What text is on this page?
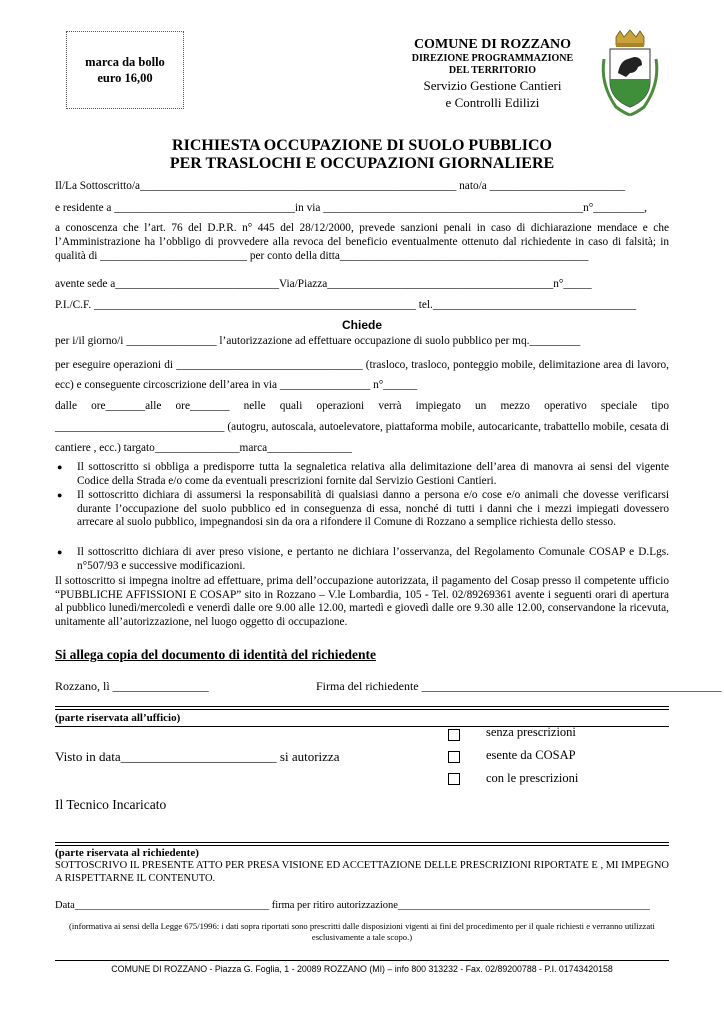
marca da bollo
euro 16,00
COMUNE DI ROZZANO
DIREZIONE PROGRAMMAZIONE
DEL TERRITORIO
Servizio Gestione Cantieri
e Controlli Edilizi
RICHIESTA OCCUPAZIONE DI SUOLO PUBBLICO
PER TRASLOCHI E OCCUPAZIONI GIORNALIERE
Il/La Sottoscritto/a________________________________________________________ nato/a ________________________
e residente a ________________________________in via ______________________________________________n°_________,
a conoscenza che l’art. 76 del D.P.R. n° 445 del 28/12/2000, prevede sanzioni penali in caso di dichiarazione mendace e che l’Amministrazione ha l’obbligo di provvedere alla revoca del beneficio eventualmente ottenuto dal richiedente in caso di falsità; in qualità di __________________________ per conto della ditta____________________________________________
avente sede a_____________________________Via/Piazza________________________________________n°_____
P.I./C.F. _________________________________________________________ tel.____________________________________
Chiede
per i/il giorno/i ________________ l’autorizzazione ad effettuare occupazione di suolo pubblico per mq._________
per eseguire operazioni di _________________________________ (trasloco, trasloco, ponteggio mobile, delimitazione area di lavoro, ecc) e conseguente circoscrizione dell’area in via ________________ n°______
dalle ore_______alle ore_______ nelle quali operazioni verrà impiegato un mezzo operativo speciale tipo ______________________________ (autogru, autoscala, autoelevatore, piattaforma mobile, autocaricante, trabattello mobile, cesata di cantiere , ecc.) targato_______________marca_______________
● Il sottoscritto si obbliga a predisporre tutta la segnaletica relativa alla delimitazione dell’area di manovra ai sensi del vigente Codice della Strada e/o come da eventuali prescrizioni fornite dal Servizio Gestioni Cantieri.
● Il sottoscritto dichiara di assumersi la responsabilità di qualsiasi danno a persona e/o cose e/o animali che dovesse verificarsi durante l’occupazione del suolo pubblico ed in conseguenza di essa, nonché di tutti i danni che i mezzi impiegati dovessero arrecare al suolo pubblico, impegnandosi sin da ora a rifondere il Comune di Rozzano a semplice richiesta dello stesso.
● Il sottoscritto dichiara di aver preso visione, e pertanto ne dichiara l’osservanza, del Regolamento Comunale COSAP e D.Lgs. n°507/93 e successive modificazioni.
Il sottoscritto si impegna inoltre ad effettuare, prima dell’occupazione autorizzata, il pagamento del Cosap presso il competente ufficio “PUBBLICHE AFFISSIONI E COSAP” sito in Rozzano – V.le Lombardia, 105 - Tel. 02/89269361 avente i seguenti orari di apertura al pubblico lunedì/mercoledì e venerdì dalle ore 9.00 alle 12.00, martedì e giovedì dalle ore 9.30 alle 12.00, conservandone la ricevuta, unitamente all’autorizzazione, nel luogo oggetto di occupazione.
Si allega copia del documento di identità del richiedente
Rozzano, lì ________________	Firma del richiedente __________________________________________________
(parte riservata all’ufficio)
Visto in data________________________ si autorizza
Il Tecnico Incaricato
senza prescrizioni
esente da COSAP
con le prescrizioni
(parte riservata al richiedente)
SOTTOSCRIVO IL PRESENTE ATTO PER PRESA VISIONE ED ACCETTAZIONE DELLE PRESCRIZIONI RIPORTATE E , MI IMPEGNO A RISPETTARNE IL CONTENUTO.
Data_____________________________________ firma per ritiro autorizzazione________________________________________________
(informativa ai sensi della Legge 675/1996: i dati sopra riportati sono prescritti dalle disposizioni vigenti ai fini del procedimento per il quale richiesti e verranno utilizzati esclusivamente a tale scopo.)
COMUNE DI ROZZANO - Piazza G. Foglia, 1 - 20089 ROZZANO (MI) – info 800 313232 - Fax. 02/89200788 - P.I. 01743420158
